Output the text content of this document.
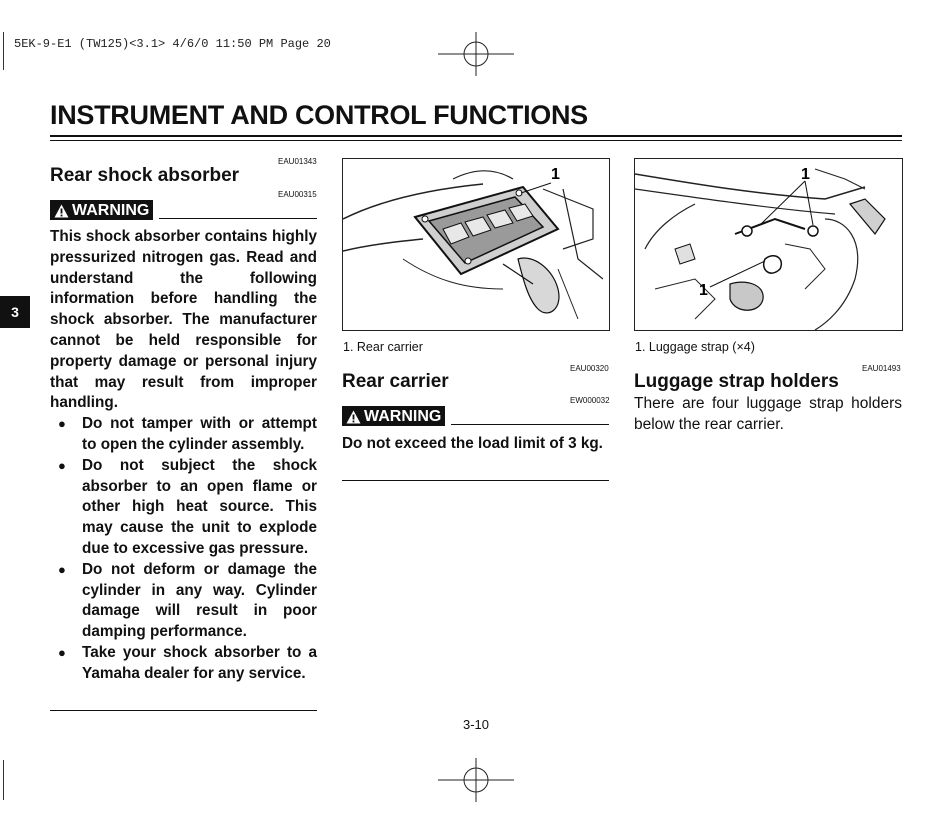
5EK-9-E1 (TW125)<3.1> 4/6/0 11:50 PM Page 20
INSTRUMENT AND CONTROL FUNCTIONS
3
EAU01343
Rear shock absorber
EAU00315
WARNING
This shock absorber contains highly pressurized nitrogen gas. Read and understand the following information before handling the shock absorber. The manufacturer cannot be held responsible for property damage or personal injury that may result from improper handling.
● Do not tamper with or attempt to open the cylinder assembly.
● Do not subject the shock absorber to an open flame or other high heat source. This may cause the unit to explode due to excessive gas pressure.
● Do not deform or damage the cylinder in any way. Cylinder damage will result in poor damping performance.
● Take your shock absorber to a Yamaha dealer for any service.
1
1. Rear carrier
EAU00320
Rear carrier
EW000032
WARNING
Do not exceed the load limit of 3 kg.
1
1
1. Luggage strap (×4)
EAU01493
Luggage strap holders
There are four luggage strap holders below the rear carrier.
3-10
